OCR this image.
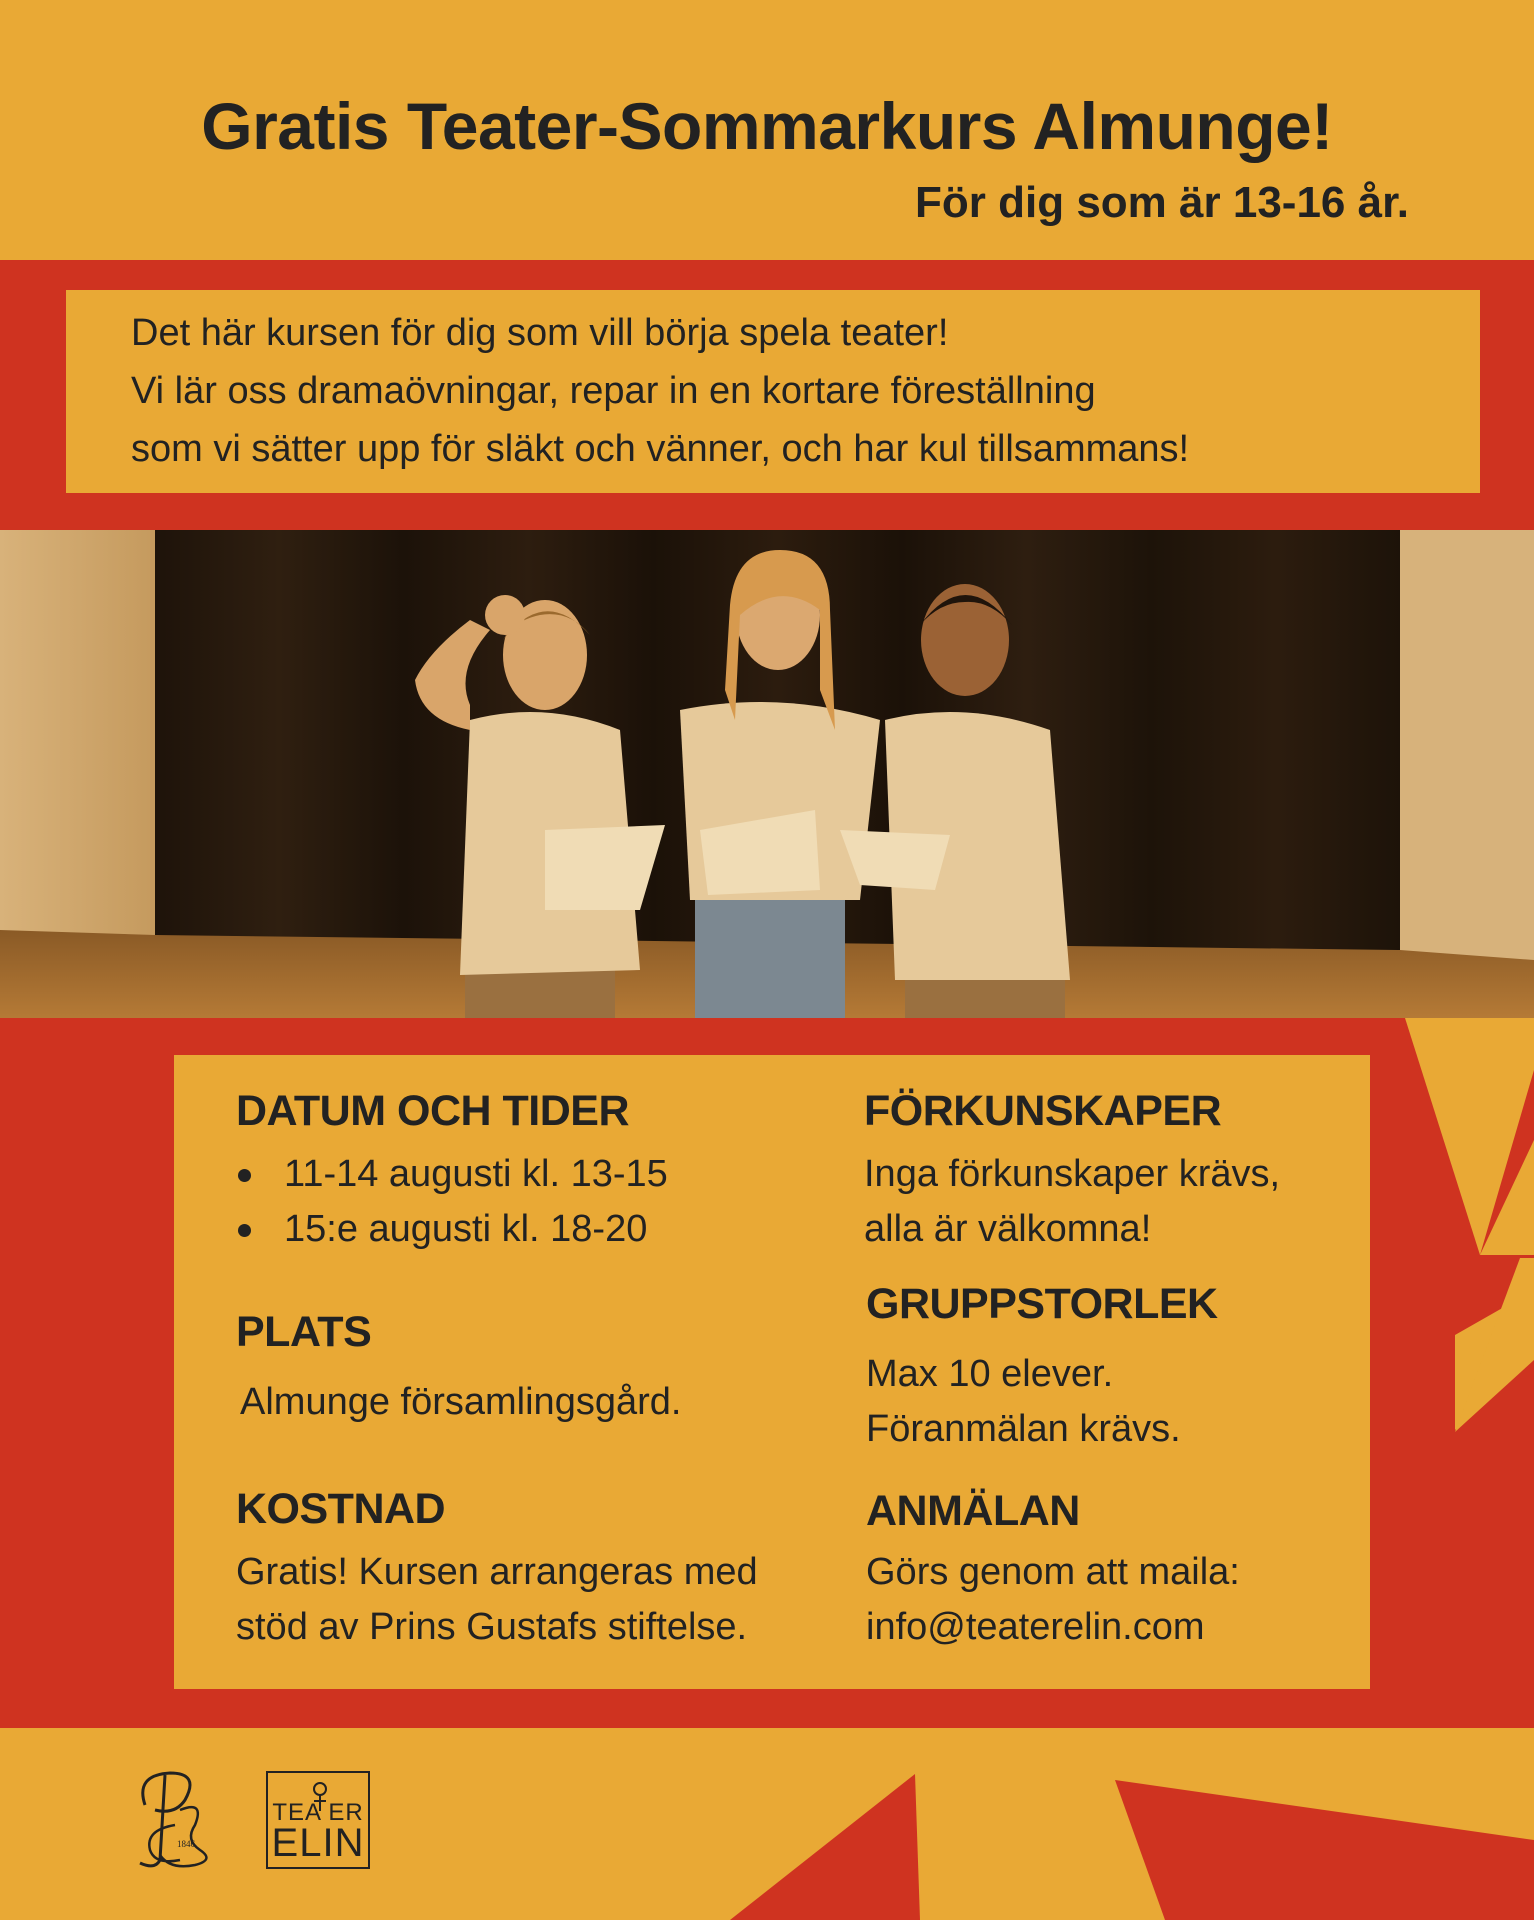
Gratis Teater-Sommarkurs Almunge!

För dig som är 13-16 år.

Det här kursen för dig som vill börja spela teater!
Vi lär oss dramaövningar, repar in en kortare föreställning
som vi sätter upp för släkt och vänner, och har kul tillsammans!
DATUM OCH TIDER
11-14 augusti kl. 13-15
15:e augusti kl. 18-20
PLATS
Almunge församlingsgård.
KOSTNAD
Gratis! Kursen arrangeras med
stöd av Prins Gustafs stiftelse.
FÖRKUNSKAPER
Inga förkunskaper krävs,
alla är välkomna!
GRUPPSTORLEK
Max 10 elever.
Föranmälan krävs.
ANMÄLAN
Görs genom att maila:
info@teaterelin.com
1846
TEA ER
ELIN
